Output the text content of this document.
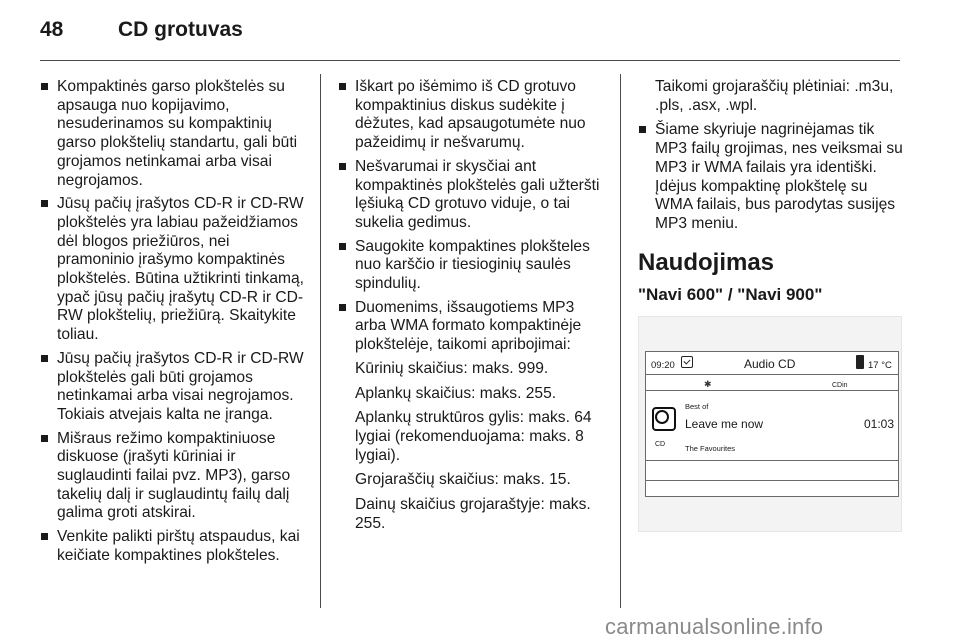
48	CD grotuvas
Kompaktinės garso plokštelės su apsauga nuo kopijavimo, nesuderinamos su kompaktinių garso plokštelių standartu, gali būti grojamos netinkamai arba visai negrojamos.
Jūsų pačių įrašytos CD-R ir CD-RW plokštelės yra labiau pažeidžiamos dėl blogos priežiūros, nei pramoninio įrašymo kompaktinės plokštelės. Būtina užtikrinti tinkamą, ypač jūsų pačių įrašytų CD-R ir CD-RW plokštelių, priežiūrą. Skaitykite toliau.
Jūsų pačių įrašytos CD-R ir CD-RW plokštelės gali būti grojamos netinkamai arba visai negrojamos. Tokiais atvejais kalta ne įranga.
Mišraus režimo kompaktiniuose diskuose (įrašyti kūriniai ir suglaudinti failai pvz. MP3), garso takelių dalį ir suglaudintų failų dalį galima groti atskirai.
Venkite palikti pirštų atspaudus, kai keičiate kompaktines plokšteles.
Iškart po išėmimo iš CD grotuvo kompaktinius diskus sudėkite į dėžutes, kad apsaugotumėte nuo pažeidimų ir nešvarumų.
Nešvarumai ir skysčiai ant kompaktinės plokštelės gali užteršti lęšiuką CD grotuvo viduje, o tai sukelia gedimus.
Saugokite kompaktines plokšteles nuo karščio ir tiesioginių saulės spindulių.
Duomenims, išsaugotiems MP3 arba WMA formato kompaktinėje plokštelėje, taikomi apribojimai:

Kūrinių skaičius: maks. 999.

Aplankų skaičius: maks. 255.

Aplankų struktūros gylis: maks. 64 lygiai (rekomenduojama: maks. 8 lygiai).

Grojaraščių skaičius: maks. 15.

Dainų skaičius grojaraštyje: maks. 255.

Taikomi grojaraščių plėtiniai: .m3u, .pls, .asx, .wpl.

Šiame skyriuje nagrinėjamas tik MP3 failų grojimas, nes veiksmai su MP3 ir WMA failais yra identiški. Įdėjus kompaktinę plokštelę su WMA failais, bus parodytas susijęs MP3 meniu.
Naudojimas
"Navi 600" / "Navi 900"
09:20	Audio CD	17 °C
✱	CDin
Best of
CD
Leave me now	01:03
The Favourites
carmanualsonline.info
